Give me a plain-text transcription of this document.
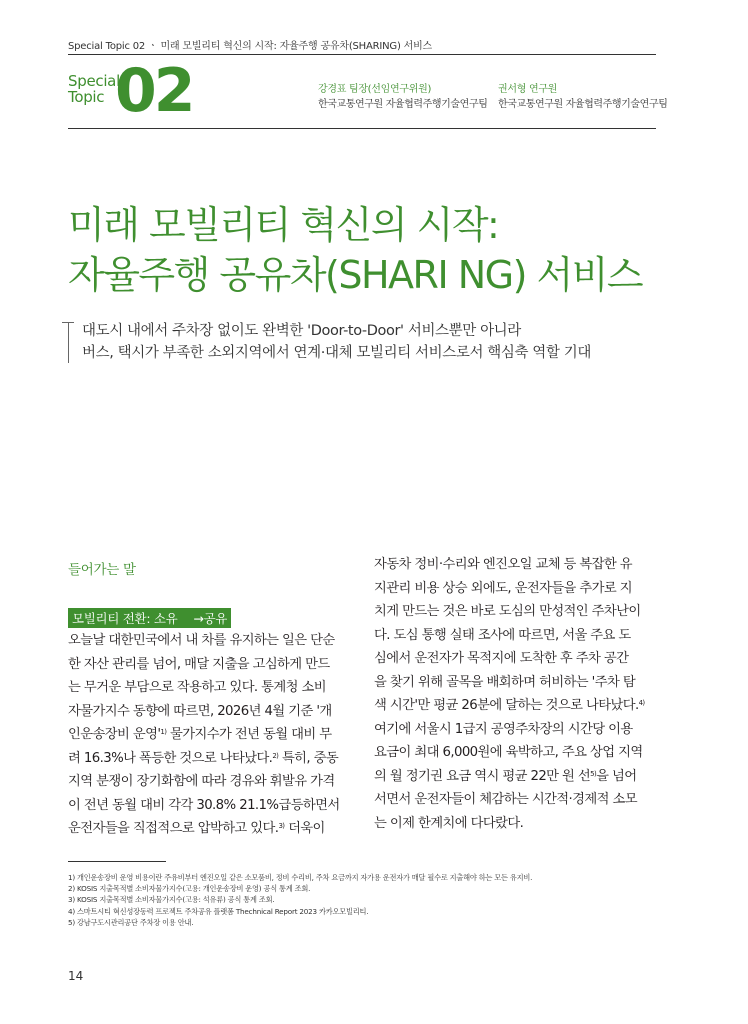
Special Topic 02 ㆍ 미래 모빌리티 혁신의 시작: 자율주행 공유차(SHARING) 서비스
Special
Topic 02	강경표 팀장(선임연구위원)
한국교통연구원 자율협력주행기술연구팀
권서형 연구원
한국교통연구원 자율협력주행기술연구팀
미래 모빌리티 혁신의 시작:
자율주행 공유차(SHARI NG) 서비스
대도시 내에서 주차장 없이도 완벽한 'Door-to-Door' 서비스뿐만 아니라
버스, 택시가 부족한 소외지역에서 연계·대체 모빌리티 서비스로서 핵심축 역할 기대
들어가는 말
모빌리티 전환: 소유 　→공유

오늘날 대한민국에서 내 차를 유지하는 일은 단순

한 자산 관리를 넘어, 매달 지출을 고심하게 만드

는 무거운 부담으로 작용하고 있다. 통계청 소비

자물가지수 동향에 따르면, 2026년 4월 기준 '개

인운송장비 운영'$^{1)}$ 물가지수가 전년 동월 대비 무

려 16.3%나 폭등한 것으로 나타났다.$^{2)}$ 특히, 중동

지역 분쟁이 장기화함에 따라 경유와 휘발유 가격

이 전년 동월 대비 각각 30.8% 21.1%급등하면서

운전자들을 직접적으로 압박하고 있다.$^{3)}$ 더욱이

자동차 정비·수리와 엔진오일 교체 등 복잡한 유

지관리 비용 상승 외에도, 운전자들을 추가로 지

치게 만드는 것은 바로 도심의 만성적인 주차난이

다. 도심 통행 실태 조사에 따르면, 서울 주요 도

심에서 운전자가 목적지에 도착한 후 주차 공간

을 찾기 위해 골목을 배회하며 허비하는 '주차 탐

색 시간'만 평균 26분에 달하는 것으로 나타났다.$^{4)}$

여기에 서울시 1급지 공영주차장의 시간당 이용

요금이 최대 6,000원에 육박하고, 주요 상업 지역

의 월 정기권 요금 역시 평균 22만 원 선$^{5)}$을 넘어

서면서 운전자들이 체감하는 시간적·경제적 소모

는 이제 한계치에 다다랐다.

1) 개인운송장비 운영 비용이란 주유비부터 엔진오일 같은 소모품비, 정비 수리비, 주차 요금까지 자가용 운전자가 매달 필수로 지출해야 하는 모든 유지비.
2) KOSIS 지출목적별 소비자물가지수(고용: 개인운송장비 운영) 공식 통계 조회.
3) KOSIS 지출목적별 소비자물가지수(고용: 석유류) 공식 통계 조회.
4) 스마트시티 혁신성장동력 프로젝트 주차공유 플랫폼 Thechnical Report 2023 카카오모빌리티.
5) 강남구도시관리공단 주차장 이용 안내.
14
